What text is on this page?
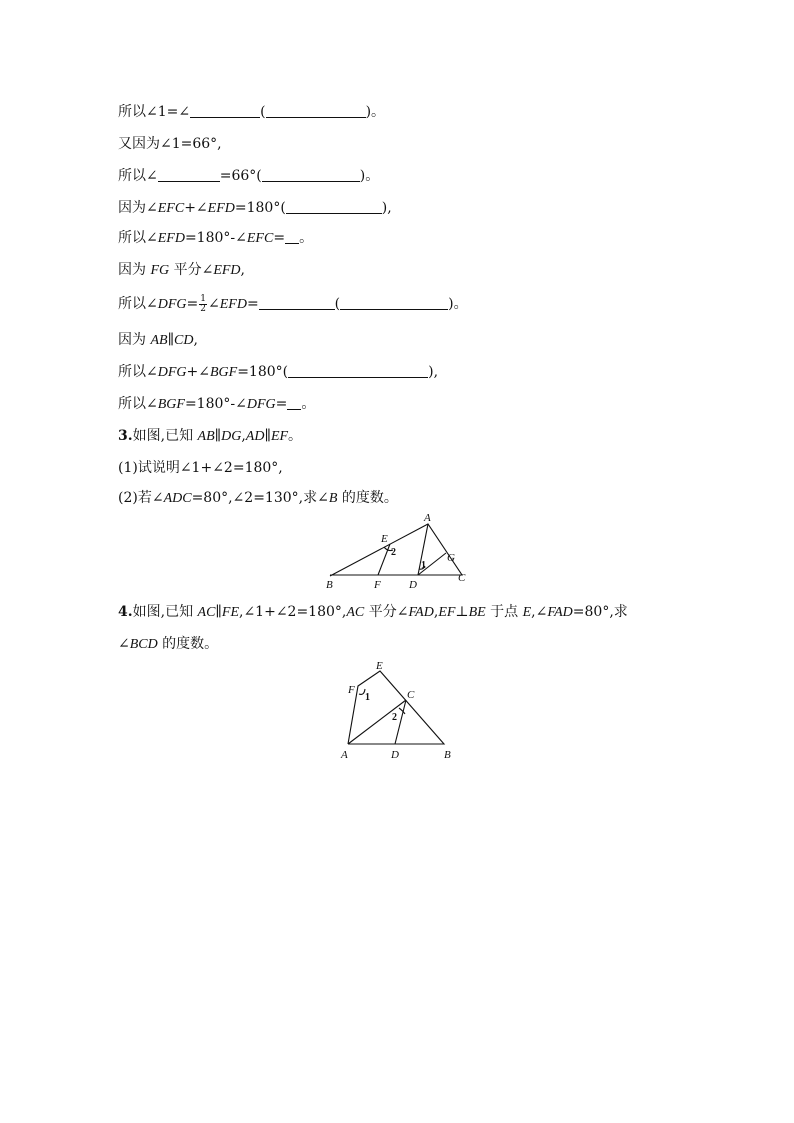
所以∠1=∠	(	)。
又因为∠1=66°,
所以∠	=66°(	)。
因为∠EFC+∠EFD=180°(	),
所以∠EFD=180°-∠EFC= 。
因为 FG 平分∠EFD,
所以∠DFG= $\frac{1}{2}$ ∠EFD=	(	)。
因为 AB∥CD,
所以∠DFG+∠BGF=180°(	),
所以∠BGF=180°-∠DFG= 。
3.如图,已知 AB∥DG,AD∥EF。
(1)试说明∠1+∠2=180°,
(2)若∠ADC=80°,∠2=130°,求∠B 的度数。
A
B
C
D
E
F
G
1
2
4.如图,已知 AC∥FE,∠1+∠2=180°,AC 平分∠FAD,EF⊥BE 于点 E,∠FAD=80°,求
∠BCD 的度数。
E
F	C
A	D	B
1
2
